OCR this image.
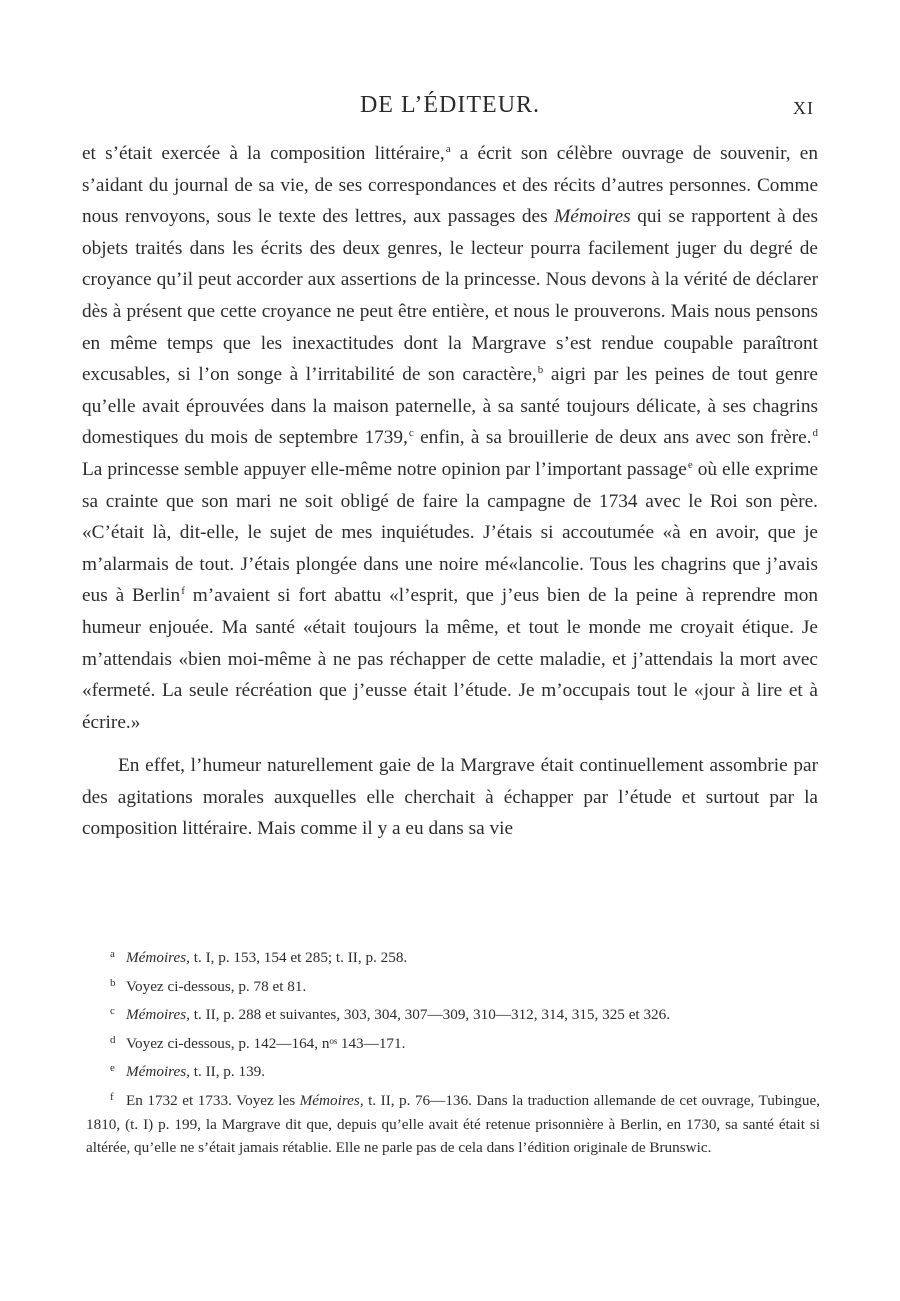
DE L’ÉDITEUR.	XI

et s’était exercée à la composition littéraire,$^a$ a écrit son célèbre ouvrage de souvenir, en s’aidant du journal de sa vie, de ses correspondances et des récits d’autres personnes. Comme nous renvoyons, sous le texte des lettres, aux passages des Mémoires qui se rapportent à des objets traités dans les écrits des deux genres, le lecteur pourra facilement juger du degré de croyance qu’il peut accorder aux assertions de la princesse. Nous devons à la vérité de déclarer dès à présent que cette croyance ne peut être entière, et nous le prouverons. Mais nous pensons en même temps que les inexactitudes dont la Margrave s’est rendue coupable paraîtront excusables, si l’on songe à l’irritabilité de son caractère,$^b$ aigri par les peines de tout genre qu’elle avait éprouvées dans la maison paternelle, à sa santé toujours délicate, à ses chagrins domestiques du mois de septembre 1739,$^c$ enfin, à sa brouillerie de deux ans avec son frère.$^d$ La princesse semble appuyer elle-même notre opinion par l’important passage$^e$ où elle exprime sa crainte que son mari ne soit obligé de faire la campagne de 1734 avec le Roi son père. «C’était là, dit-elle, le sujet de mes inquiétudes. J’étais si accoutumée «à en avoir, que je m’alarmais de tout. J’étais plongée dans une noire mé«lancolie. Tous les chagrins que j’avais eus à Berlin$^f$ m’avaient si fort abattu «l’esprit, que j’eus bien de la peine à reprendre mon humeur enjouée. Ma santé «était toujours la même, et tout le monde me croyait étique. Je m’attendais «bien moi-même à ne pas réchapper de cette maladie, et j’attendais la mort avec «fermeté. La seule récréation que j’eusse était l’étude. Je m’occupais tout le «jour à lire et à écrire.»

En effet, l’humeur naturellement gaie de la Margrave était continuellement assombrie par des agitations morales auxquelles elle cherchait à échapper par l’étude et surtout par la composition littéraire. Mais comme il y a eu dans sa vie

a Mémoires, t. I, p. 153, 154 et 285; t. II, p. 258.
b Voyez ci-dessous, p. 78 et 81.
c Mémoires, t. II, p. 288 et suivantes, 303, 304, 307—309, 310—312, 314, 315, 325 et 326.
d Voyez ci-dessous, p. 142—164, nᵒˢ 143—171.
e Mémoires, t. II, p. 139.
f En 1732 et 1733. Voyez les Mémoires, t. II, p. 76—136. Dans la traduction allemande de cet ouvrage, Tubingue, 1810, (t. I) p. 199, la Margrave dit que, depuis qu’elle avait été retenue prisonnière à Berlin, en 1730, sa santé était si altérée, qu’elle ne s’était jamais rétablie. Elle ne parle pas de cela dans l’édition originale de Brunswic.
